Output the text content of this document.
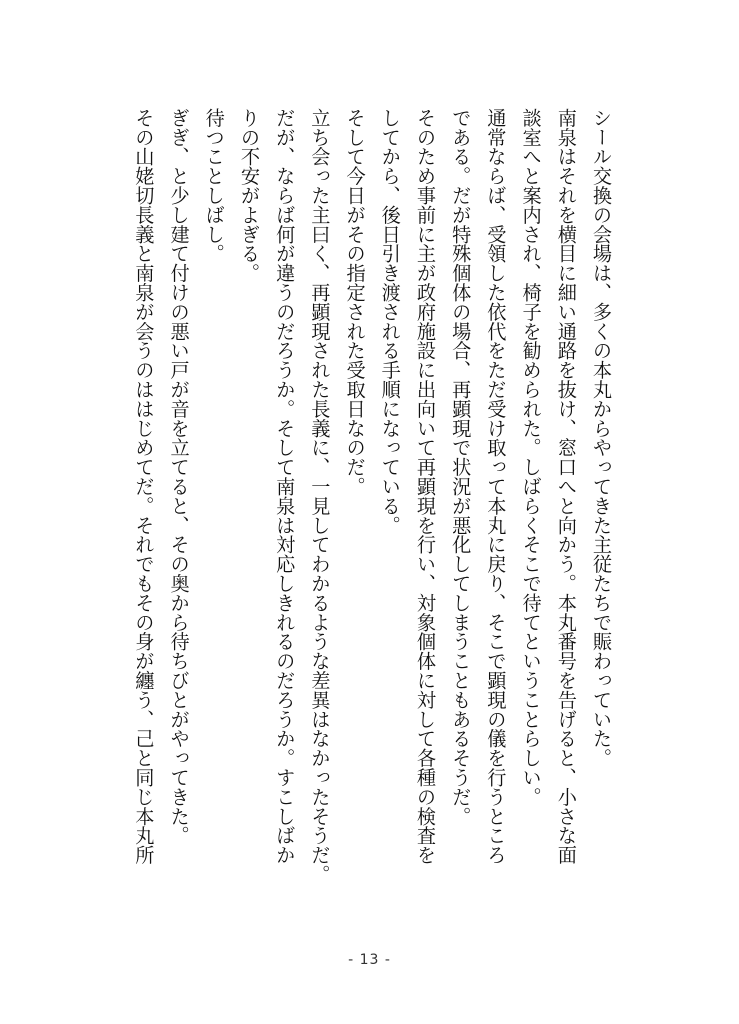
シール交換の会場は、多くの本丸からやってきた主従たちで賑わっていた。
南泉はそれを横目に細い通路を抜け、窓口へと向かう。本丸番号を告げると、小さな面
談室へと案内され、椅子を勧められた。しばらくそこで待てということらしい。
通常ならば、受領した依代をただ受け取って本丸に戻り、そこで顕現の儀を行うところ
である。だが特殊個体の場合、再顕現で状況が悪化してしまうこともあるそうだ。
そのため事前に主が政府施設に出向いて再顕現を行い、対象個体に対して各種の検査を
してから、後日引き渡される手順になっている。
そして今日がその指定された受取日なのだ。
立ち会った主曰く、再顕現された長義に、一見してわかるような差異はなかったそうだ。
だが、ならば何が違うのだろうか。そして南泉は対応しきれるのだろうか。すこしばか
りの不安がよぎる。
待つことしばし。
ぎぎ、と少し建て付けの悪い戸が音を立てると、その奥から待ちびとがやってきた。
その山姥切長義と南泉が会うのははじめてだ。それでもその身が纏う、己と同じ本丸所
- 13 -
